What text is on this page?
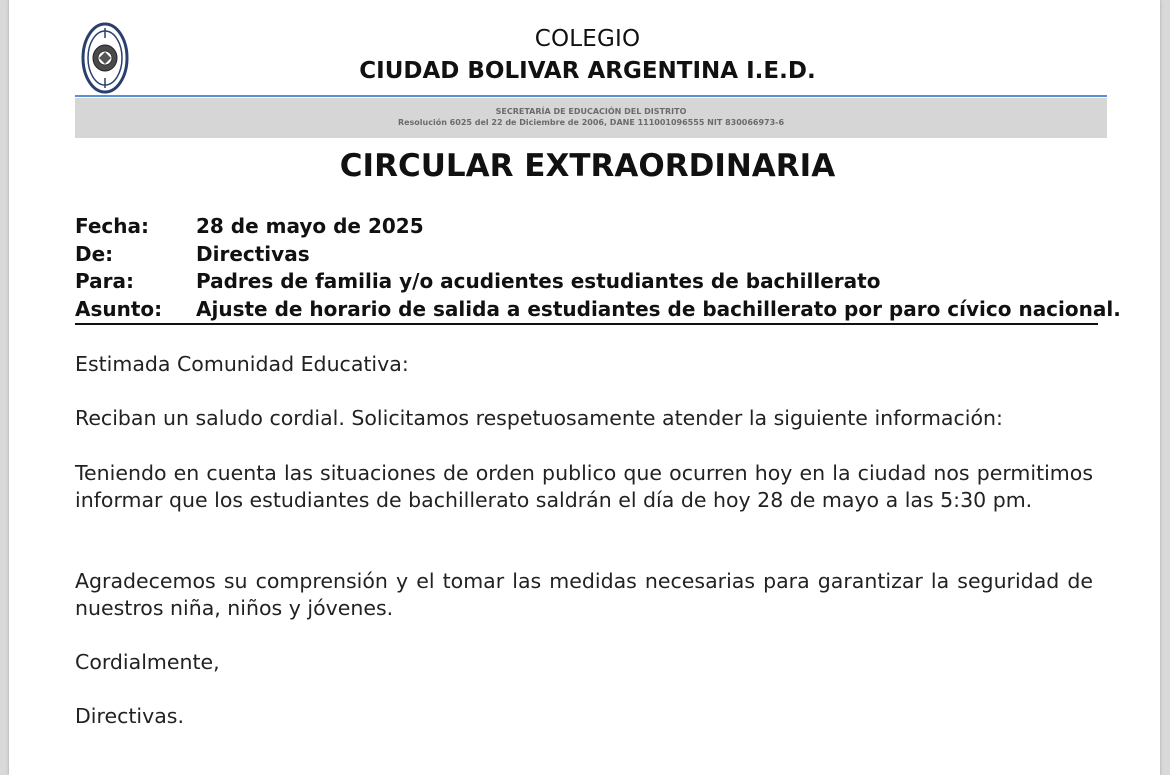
COLEGIO
CIUDAD BOLIVAR ARGENTINA I.E.D.
SECRETARÍA DE EDUCACIÓN DEL DISTRITO
Resolución 6025 del 22 de Diciembre de 2006, DANE 111001096555 NIT 830066973-6
CIRCULAR EXTRAORDINARIA
Fecha: 28 de mayo de 2025
De:	Directivas
Para:	Padres de familia y/o acudientes estudiantes de bachillerato
Asunto: Ajuste de horario de salida a estudiantes de bachillerato por paro cívico nacional.
Estimada Comunidad Educativa:
Reciban un saludo cordial. Solicitamos respetuosamente atender la siguiente información:
Teniendo en cuenta las situaciones de orden publico que ocurren hoy en la ciudad nos permitimos informar que los estudiantes de bachillerato saldrán el día de hoy 28 de mayo a las 5:30 pm.
Agradecemos su comprensión y el tomar las medidas necesarias para garantizar la seguridad de nuestros niña, niños y jóvenes.
Cordialmente,
Directivas.
